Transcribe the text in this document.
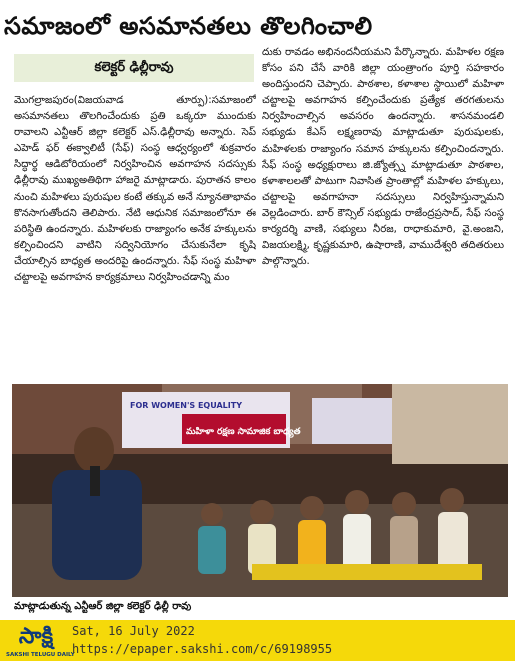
సమాజంలో అసమానతలు తొలగించాలి
కలెక్టర్ ఢిల్లీరావు

మొగల్రాజపురం(విజయవాడ తూర్పు):సమాజంలో అసమానతలు తొలగించేందుకు ప్రతి ఒక్కరూ ముందుకు రావాలని ఎన్టీఆర్ జిల్లా కలెక్టర్ ఎస్.ఢిల్లీరావు అన్నారు. సెప్ ఎహెడ్ ఫర్ ఈక్వాలిటీ (సేఫ్) సంస్థ ఆధ్వర్యంలో శుక్రవారం సిద్ధార్థ ఆడిటోరియంలో నిర్వహించిన అవగాహన సదస్సుకు ఢిల్లీరావు ముఖ్యఅతిథిగా హాజరై మాట్లాడారు. పురాతన కాలం నుంచి మహిళలు పురుషుల కంటే తక్కువ అనే న్యూనతాభావం కొనసాగుతోందని తెలిపారు. నేటి ఆధునిక సమాజంలోనూ ఈ పరిస్థితి ఉందన్నారు. మహిళలకు రాజ్యాంగం అనేక హక్కులను కల్పించిందని వాటిని సద్వినియోగం చేసుకునేలా కృషి చేయాల్సిన బాధ్యత అందరిపై ఉందన్నారు. సేఫ్ సంస్థ మహిళా చట్టాలపై అవగాహన కార్యక్రమాలు నిర్వహించడాన్ని మం

దుకు రావడం అభినందనీయమని పేర్కొన్నారు. మహిళల రక్షణ కోసం పని చేసే వారికి జిల్లా యంత్రాంగం పూర్తి సహకారం అందిస్తుందని చెప్పారు. పాఠశాల, కళాశాల స్థాయిలో మహిళా చట్టాలపై అవగాహన కల్పించేందుకు ప్రత్యేక తరగతులను నిర్వహించాల్సిన అవసరం ఉందన్నారు. శాసనమండలి సభ్యుడు కేఎస్ లక్ష్మణరావు మాట్లాడుతూ పురుషులకు, మహిళలకు రాజ్యాంగం సమాన హక్కులను కల్పించిందన్నారు. సేఫ్ సంస్థ అధ్యక్షురాలు జి.జ్యోత్స్న మాట్లాడుతూ పాఠశాల, కళాశాలలతో పాటుగా నివాసిత ప్రాంతాల్లో మహిళల హక్కులు, చట్టాలపై అవగాహనా సదస్సులు నిర్వహిస్తున్నామని వెల్లడించారు. బార్ కౌన్సిల్ సభ్యుడు రాజేంద్రప్రసాద్, సేఫ్ సంస్థ కార్యదర్శి వాణి, సభ్యులు నీరజ, రాధాకుమారి, వై.అంజని, విజయలక్ష్మి, కృష్ణకుమారి, ఉషారాణి, వాముదేశ్వరి తదితరులు పాల్గొన్నారు.

FOR WOMEN'S EQUALITY
మహిళా రక్షణ సామాజిక బాధ్యత
మాట్లాడుతున్న ఎన్టీఆర్ జిల్లా కలెక్టర్ ఢిల్లీ రావు
సాక్షి
SAKSHI TELUGU DAILY
Sat, 16 July 2022
https://epaper.sakshi.com/c/69198955
